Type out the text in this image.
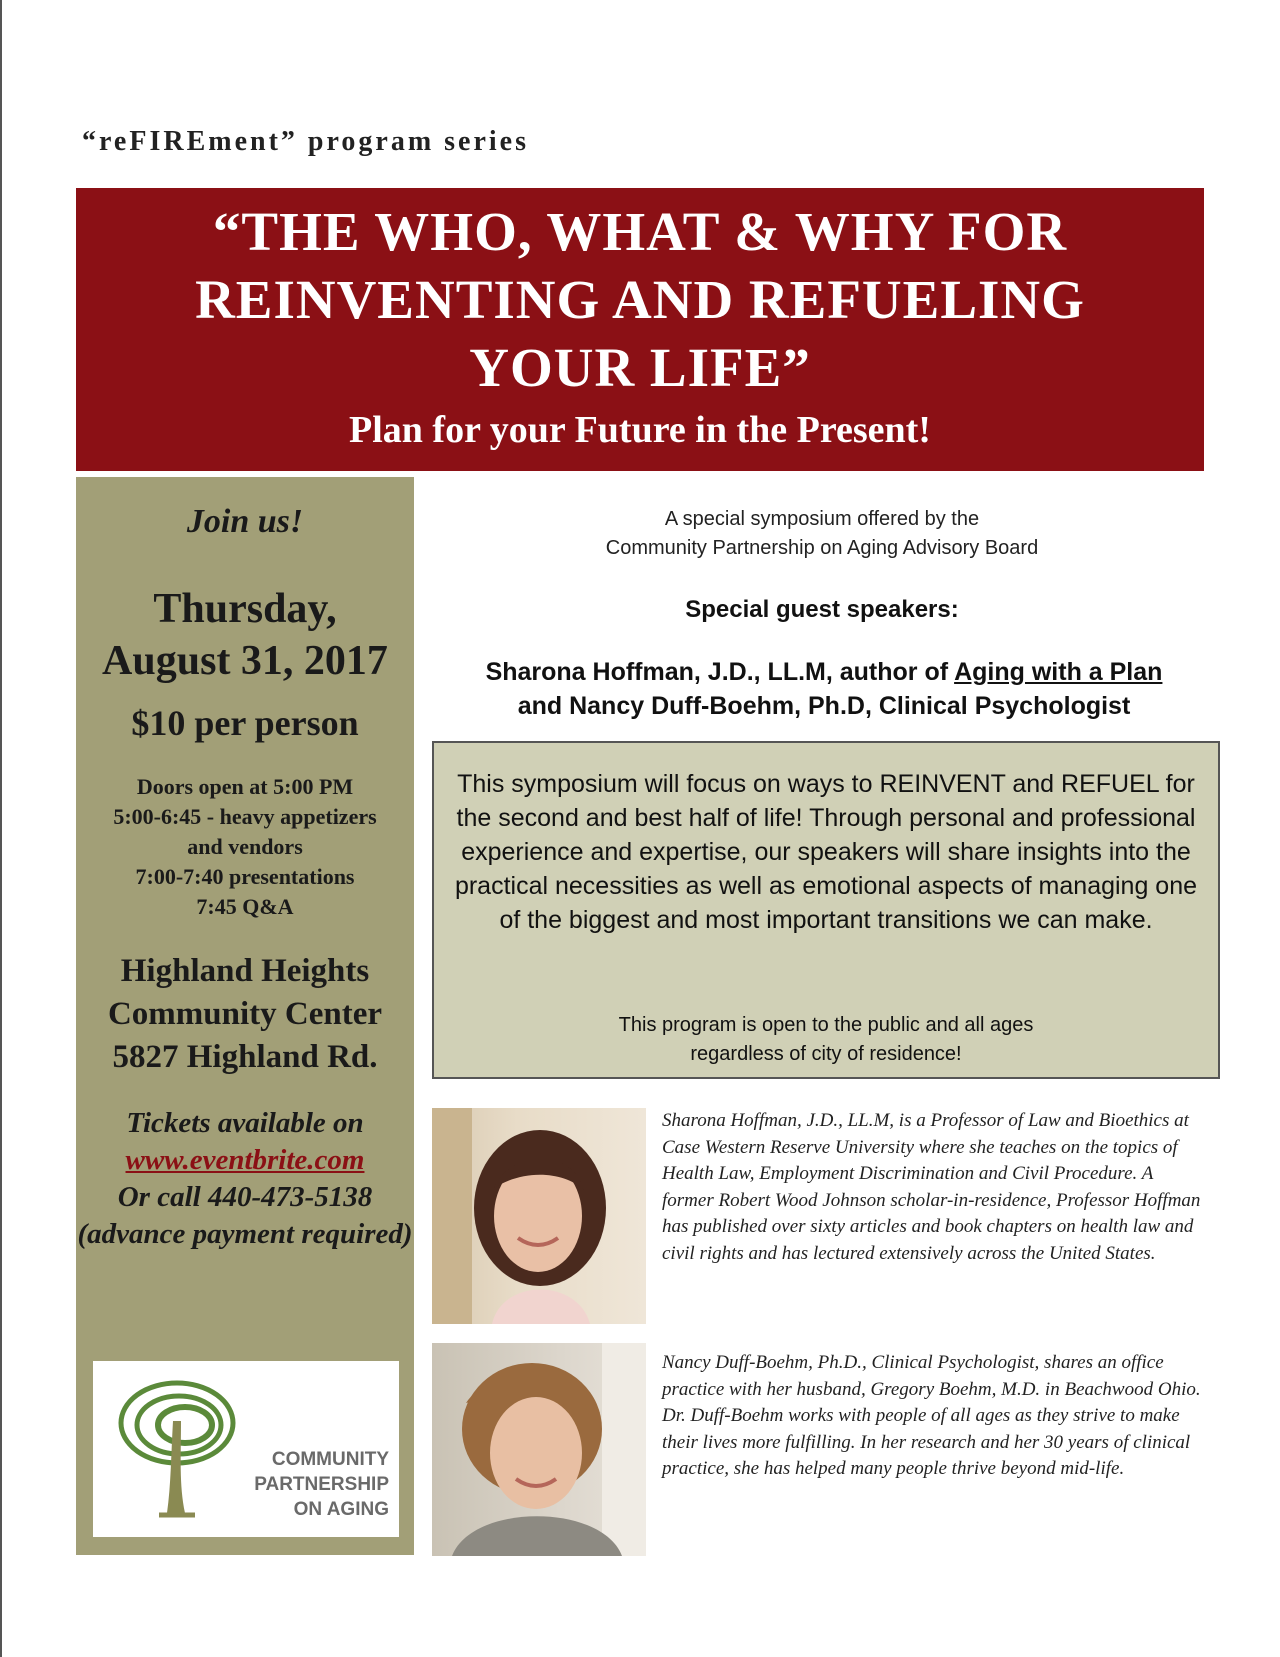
“reFIREment” program series
“THE WHO, WHAT & WHY FOR
REINVENTING AND REFUELING
YOUR LIFE”
Plan for your Future in the Present!
Join us!
Thursday,
August 31, 2017
$10 per person
Doors open at 5:00 PM
5:00-6:45 - heavy appetizers
and vendors
7:00-7:40 presentations
7:45 Q&A
Highland Heights
Community Center
5827 Highland Rd.
Tickets available on
www.eventbrite.com
Or call 440-473-5138
(advance payment required)
COMMUNITY
PARTNERSHIP
ON AGING
A special symposium offered by the
Community Partnership on Aging Advisory Board
Special guest speakers:
Sharona Hoffman, J.D., LL.M, author of Aging with a Plan
and Nancy Duff-Boehm, Ph.D, Clinical Psychologist
This symposium will focus on ways to REINVENT and REFUEL for the second and best half of life! Through personal and professional experience and expertise, our speakers will share insights into the practical necessities as well as emotional aspects of managing one of the biggest and most important transitions we can make.
This program is open to the public and all ages
regardless of city of residence!
Sharona Hoffman, J.D., LL.M, is a Professor of Law and Bioethics at Case Western Reserve University where she teaches on the topics of Health Law, Employment Discrimination and Civil Procedure. A former Robert Wood Johnson scholar-in-residence, Professor Hoffman has published over sixty articles and book chapters on health law and civil rights and has lectured extensively across the United States.
Nancy Duff-Boehm, Ph.D., Clinical Psychologist, shares an office practice with her husband, Gregory Boehm, M.D. in Beachwood Ohio. Dr. Duff-Boehm works with people of all ages as they strive to make their lives more fulfilling. In her research and her 30 years of clinical practice, she has helped many people thrive beyond mid-life.
